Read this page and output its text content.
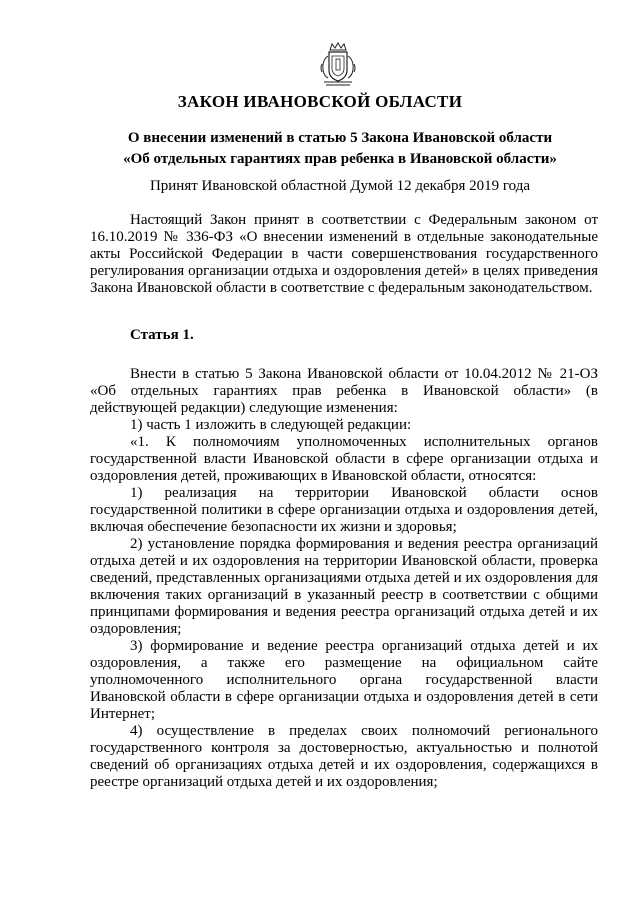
ЗАКОН ИВАНОВСКОЙ ОБЛАСТИ
О внесении изменений в статью 5 Закона Ивановской области
«Об отдельных гарантиях прав ребенка в Ивановской области»
Принят Ивановской областной Думой 12 декабря 2019 года

Настоящий Закон принят в соответствии с Федеральным законом от 16.10.2019 № 336-ФЗ «О внесении изменений в отдельные законодательные акты Российской Федерации в части совершенствования государственного регулирования организации отдыха и оздоровления детей» в целях приведения Закона Ивановской области в соответствие с федеральным законодательством.

Статья 1.

Внести в статью 5 Закона Ивановской области от 10.04.2012 № 21-ОЗ «Об отдельных гарантиях прав ребенка в Ивановской области» (в действующей редакции) следующие изменения:

1) часть 1 изложить в следующей редакции:

«1. К полномочиям уполномоченных исполнительных органов государственной власти Ивановской области в сфере организации отдыха и оздоровления детей, проживающих в Ивановской области, относятся:

1) реализация на территории Ивановской области основ государственной политики в сфере организации отдыха и оздоровления детей, включая обеспечение безопасности их жизни и здоровья;

2) установление порядка формирования и ведения реестра организаций отдыха детей и их оздоровления на территории Ивановской области, проверка сведений, представленных организациями отдыха детей и их оздоровления для включения таких организаций в указанный реестр в соответствии с общими принципами формирования и ведения реестра организаций отдыха детей и их оздоровления;

3) формирование и ведение реестра организаций отдыха детей и их оздоровления, а также его размещение на официальном сайте уполномоченного исполнительного органа государственной власти Ивановской области в сфере организации отдыха и оздоровления детей в сети Интернет;

4) осуществление в пределах своих полномочий регионального государственного контроля за достоверностью, актуальностью и полнотой сведений об организациях отдыха детей и их оздоровления, содержащихся в реестре организаций отдыха детей и их оздоровления;
